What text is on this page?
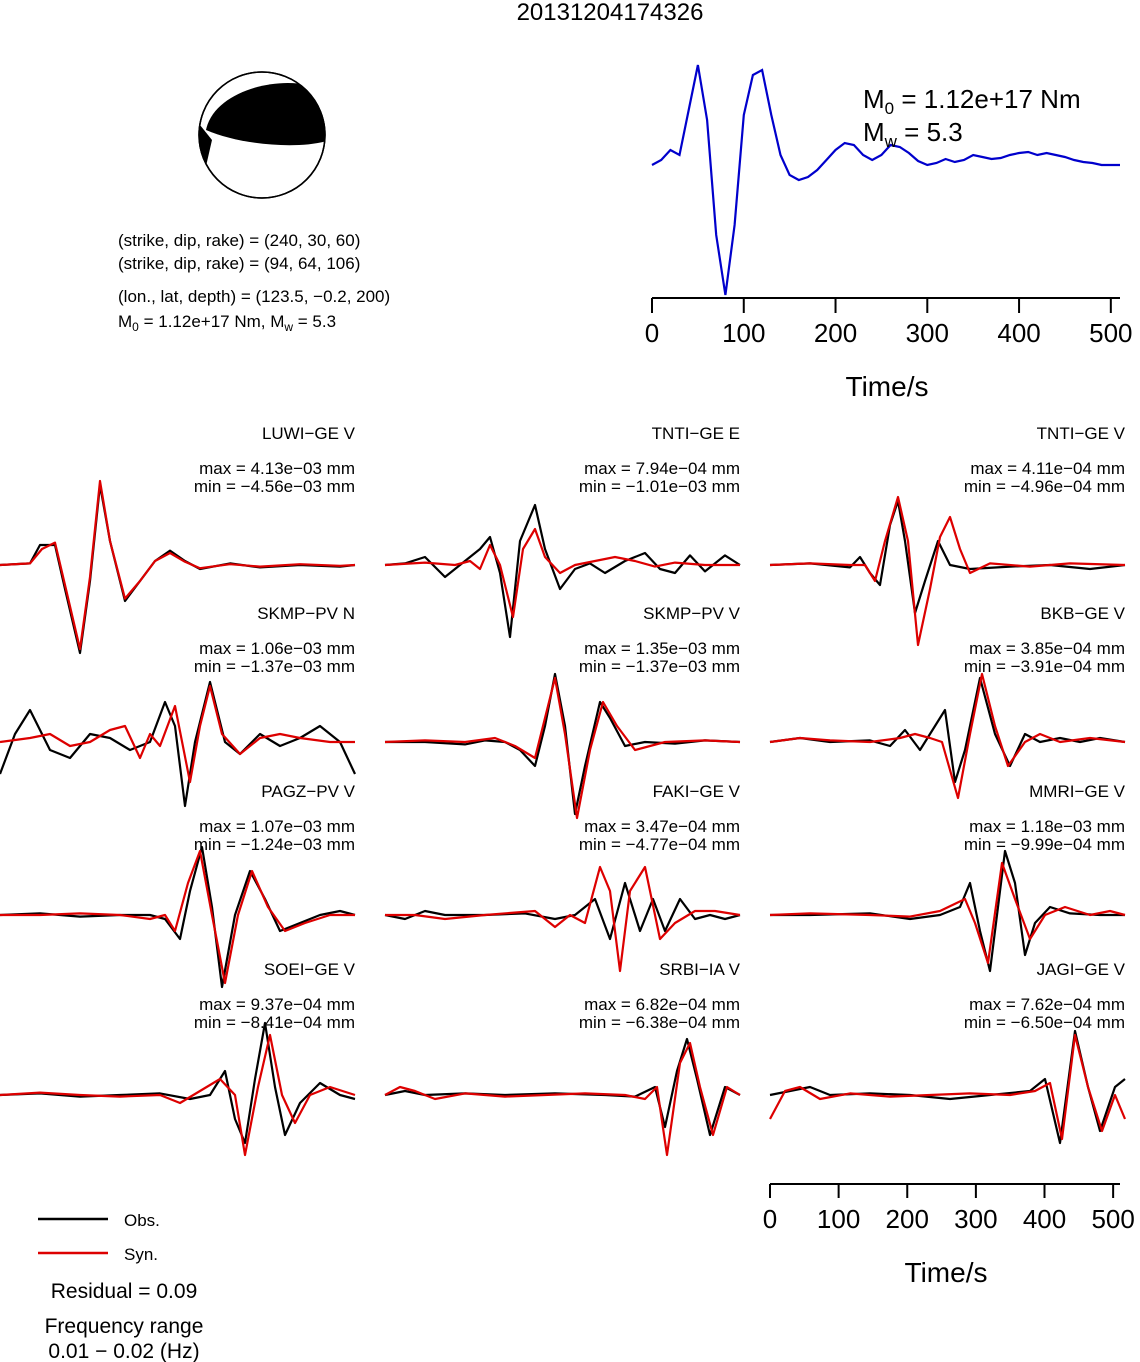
20131204174326
(strike, dip, rake) = (240, 30, 60)
(strike, dip, rake) = (94, 64, 106)
(lon., lat, depth) = (123.5, −0.2, 200)
$M_0 = 1.12e+17$ Nm, $M_w = 5.3$	0 100 200 300 400 500
Time/s
$M_0 = 1.12e+17$ Nm
$M_w = 5.3$
LUWI−GE V
max = 4.13e−03 mm
min = −4.56e−03 mm
TNTI−GE E
max = 7.94e−04 mm
min = −1.01e−03 mm
TNTI−GE V
max = 4.11e−04 mm
min = −4.96e−04 mm
SKMP−PV N
max = 1.06e−03 mm
min = −1.37e−03 mm
SKMP−PV V
max = 1.35e−03 mm
min = −1.37e−03 mm
BKB−GE V
max = 3.85e−04 mm
min = −3.91e−04 mm
PAGZ−PV V
max = 1.07e−03 mm
min = −1.24e−03 mm
FAKI−GE V
max = 3.47e−04 mm
min = −4.77e−04 mm
MMRI−GE V
max = 1.18e−03 mm
min = −9.99e−04 mm
SOEI−GE V
max = 9.37e−04 mm
min = −8.41e−04 mm
SRBI−IA V
max = 6.82e−04 mm
min = −6.38e−04 mm
JAGI−GE V
max = 7.62e−04 mm
min = −6.50e−04 mm
0 100 200 300 400 500
Time/s
Obs.
Syn.
Residual = 0.09
Frequency range
0.01 − 0.02 (Hz)
